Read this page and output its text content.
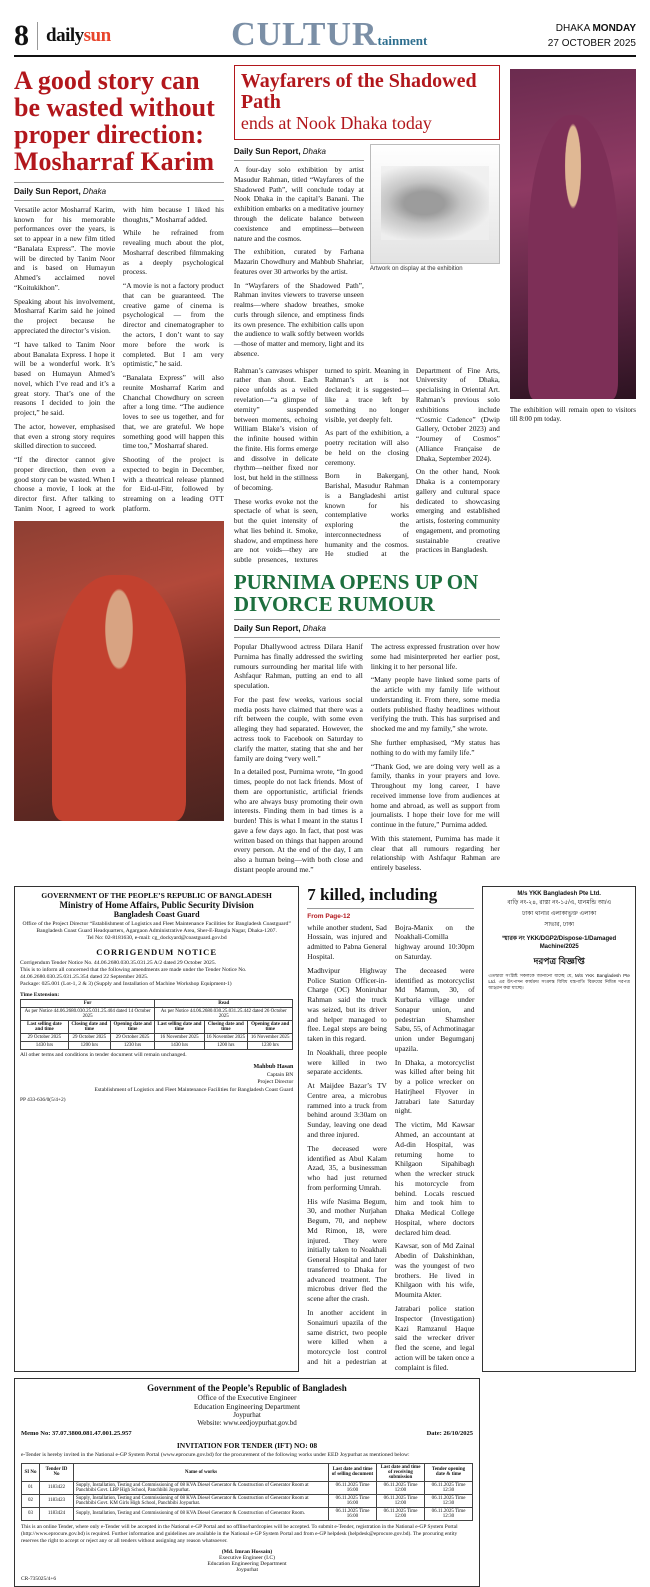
8 dailysun	CULTURtainment
DHAKA MONDAY
27 OCTOBER 2025
A good story can be wasted without proper direction: Mosharraf Karim
Daily Sun Report, Dhaka

Versatile actor Mosharraf Karim, known for his memorable performances over the years, is set to appear in a new film titled “Banalata Express”. The movie will be directed by Tanim Noor and is based on Humayun Ahmed’s acclaimed novel “Koitukikhon”.

Speaking about his involvement, Mosharraf Karim said he joined the project because he appreciated the director’s vision.

“I have talked to Tanim Noor about Banalata Express. I hope it will be a wonderful work. It’s based on Humayun Ahmed’s novel, which I’ve read and it’s a great story. That’s one of the reasons I decided to join the project,” he said.

The actor, however, emphasised that even a strong story requires skilled direction to succeed.

“If the director cannot give proper direction, then even a good story can be wasted. When I choose a movie, I look at the director first. After talking to Tanim Noor, I agreed to work with him because I liked his thoughts,” Mosharraf added.

While he refrained from revealing much about the plot, Mosharraf described filmmaking as a deeply psychological process.

“A movie is not a factory product that can be guaranteed. The creative game of cinema is psychological — from the director and cinematographer to the actors, I don’t want to say more before the work is completed. But I am very optimistic,” he said.

“Banalata Express” will also reunite Mosharraf Karim and Chanchal Chowdhury on screen after a long time. “The audience loves to see us together, and for that, we are grateful. We hope something good will happen this time too,” Mosharraf shared.

Shooting of the project is expected to begin in December, with a theatrical release planned for Eid-ul-Fitr, followed by streaming on a leading OTT platform.

Wayfarers of the Shadowed Path
ends at Nook Dhaka today
Daily Sun Report, Dhaka

A four-day solo exhibition by artist Masudur Rahman, titled “Wayfarers of the Shadowed Path”, will conclude today at Nook Dhaka in the capital’s Banani. The exhibition embarks on a meditative journey through the delicate balance between coexistence and emptiness—between nature and the cosmos.

The exhibition, curated by Farhana Mazarin Chowdhury and Mahbub Shahriar, features over 30 artworks by the artist.

In “Wayfarers of the Shadowed Path”, Rahman invites viewers to traverse unseen realms—where shadow breathes, smoke curls through silence, and emptiness finds its own presence. The exhibition calls upon the audience to walk softly between worlds—those of matter and memory, light and its absence.

Artwork on display at the exhibition

Rahman’s canvases whisper rather than shout. Each piece unfolds as a veiled revelation—“a glimpse of eternity” suspended between moments, echoing William Blake’s vision of the infinite housed within the finite. His forms emerge and dissolve in delicate rhythm—neither fixed nor lost, but held in the stillness of becoming.

These works evoke not the spectacle of what is seen, but the quiet intensity of what lies behind it. Smoke, shadow, and emptiness here are not voids—they are subtle presences, textures turned to spirit. Meaning in Rahman’s art is not declared; it is suggested—like a trace left by something no longer visible, yet deeply felt.

As part of the exhibition, a poetry recitation will also be held on the closing ceremony.

Born in Bakerganj, Barishal, Masudur Rahman is a Bangladeshi artist known for his contemplative works exploring the interconnectedness of humanity and the cosmos. He studied at the Department of Fine Arts, University of Dhaka, specialising in Oriental Art. Rahman’s previous solo exhibitions include “Cosmic Cadence” (Dwip Gallery, October 2023) and “Journey of Cosmos” (Alliance Française de Dhaka, September 2024).

On the other hand, Nook Dhaka is a contemporary gallery and cultural space dedicated to showcasing emerging and established artists, fostering community engagement, and promoting sustainable creative practices in Bangladesh.

PURNIMA OPENS UP ON DIVORCE RUMOUR
Daily Sun Report, Dhaka

Popular Dhallywood actress Dilara Hanif Purnima has finally addressed the swirling rumours surrounding her marital life with Ashfaqur Rahman, putting an end to all speculation.

For the past few weeks, various social media posts have claimed that there was a rift between the couple, with some even alleging they had separated. However, the actress took to Facebook on Saturday to clarify the matter, stating that she and her family are doing “very well.”

In a detailed post, Purnima wrote, “In good times, people do not lack friends. Most of them are opportunistic, artificial friends who are always busy promoting their own interests. Finding them in bad times is a burden! This is what I meant in the status I gave a few days ago. In fact, that post was written based on things that happen around every person. At the end of the day, I am also a human being—with both close and distant people around me.”

The actress expressed frustration over how some had misinterpreted her earlier post, linking it to her personal life.

“Many people have linked some parts of the article with my family life without understanding it. From there, some media outlets published flashy headlines without verifying the truth. This has surprised and shocked me and my family,” she wrote.

She further emphasised, “My status has nothing to do with my family life.”

“Thank God, we are doing very well as a family, thanks in your prayers and love. Throughout my long career, I have received immense love from audiences at home and abroad, as well as support from journalists. I hope their love for me will continue in the future,” Purnima added.

With this statement, Purnima has made it clear that all rumours regarding her relationship with Ashfaqur Rahman are entirely baseless.

The exhibition will remain open to visitors till 8:00 pm today.

GOVERNMENT OF THE PEOPLE’S REPUBLIC OF BANGLADESH
Ministry of Home Affairs, Public Security Division
Bangladesh Coast Guard
Office of the Project Director “Establishment of Logistics and Fleet Maintenance Facilities for Bangladesh Coastguard” Bangladesh Coast Guard Headquarters, Agargaon Administrative Area, Sher-E-Bangla Nagar, Dhaka-1207.
Tel No: 02-8181630, e-mail: cg_dockyard@coastguard.gov.bd
CORRIGENDUM NOTICE
Corrigendum Tender Notice No. 44.06.2680.030.35.031.25 A/2 dated 29 October 2025.
This is to inform all concerned that the following amendments are made under the Tender Notice No. 44.06.2680.030.25.031.25.354 dated 22 September 2025.
Package: 025.001 (Lot-1, 2 & 3) (Supply and Installation of Machine Workshop Equipment-1)
Time Extension:
For			Read		
As per Notice 44.06.2680.030.25.031.25.404 dated 14 October 2025			As per Notice 44.06.2680.030.25.031.25.442 dated 26 October 2025		
Last selling date and time	Closing date and time	Opening date and time	Last selling date and time	Closing date and time	Opening date and time
29 October 2025	29 October 2025	29 October 2025	16 November 2025	16 November 2025	16 November 2025
1430 hrs	1200 hrs	1230 hrs	1430 hrs	1200 hrs	1230 hrs
All other terms and conditions in tender document will remain unchanged.
Mahbub Hasan
Captain BN
Project Director
Establishment of Logistics and Fleet Maintenance Facilities for Bangladesh Coast Guard
PP 433-636/0(5/4+2)
7 killed, including
From Page-12

while another student, Sad Hossain, was injured and admitted to Pabna General Hospital.

Madhvipur Highway Police Station Officer-in-Charge (OC) Moniruhar Rahman said the truck was seized, but its driver and helper managed to flee. Legal steps are being taken in this regard.

In Noakhali, three people were killed in two separate accidents.

At Maijdee Bazar’s TV Centre area, a microbus rammed into a truck from behind around 3:30am on Sunday, leaving one dead and three injured.

The deceased were identified as Abul Kalam Azad, 35, a businessman who had just returned from performing Umrah.

His wife Nasima Begum, 30, and mother Nurjahan Begum, 70, and nephew Md Rimon, 18, were injured. They were initially taken to Noakhali General Hospital and later transferred to Dhaka for advanced treatment. The microbus driver fled the scene after the crash.

In another accident in Sonaimuri upazila of the same district, two people were killed when a motorcycle lost control and hit a pedestrian at Bojra-Manix on the Noakhali-Comilla highway around 10:30pm on Saturday.

The deceased were identified as motorcyclist Md Mamun, 30, of Kurbaria village under Sonapur union, and pedestrian Shamsher Sabu, 55, of Achmotinagar union under Begumganj upazila.

In Dhaka, a motorcyclist was killed after being hit by a police wrecker on Hatirjheel Flyover in Jatrabari late Saturday night.

The victim, Md Kawsar Ahmed, an accountant at Ad-din Hospital, was returning home to Khilgaon Sipahibagh when the wrecker struck his motorcycle from behind. Locals rescued him and took him to Dhaka Medical College Hospital, where doctors declared him dead.

Kawsar, son of Md Zainal Abedin of Dakshinkhan, was the youngest of two brothers. He lived in Khilgaon with his wife, Moumita Akter.

Jatrabari police station Inspector (Investigation) Kazi Ramzanul Haque said the wrecker driver fled the scene, and legal action will be taken once a complaint is filed.

M/s YKK Bangladesh Pte Ltd.
বাড়ি নং-২৪, রাস্তা নং-১৫/এ, ধানমন্ডি আ/এ
ঢাকা থানার এলাকাভুক্ত এলাকা
সাভার, ঢাকা
স্মারক নং YKK/DGP2/Dispose-1/Damaged Machine/2025
দরপত্র বিজ্ঞপ্তি
এতদ্বারা সংশ্লিষ্ট সকলকে জানানো যাচ্ছে যে, M/S YKK Bangladesh Pte Ltd. এর উৎপাদন কার্যক্রম সংক্রান্ত বিবিধ যন্ত্রপাতি বিক্রয়ের নিমিত্ত দরপত্র আহ্বান করা যাচ্ছে।
Government of the People’s Republic of Bangladesh
Office of the Executive Engineer
Education Engineering Department
Joypurhat
Website: www.eedjoypurhat.gov.bd
Memo No: 37.07.3800.081.47.001.25.957	Date: 26/10/2025
INVITATION FOR TENDER (IFT) NO: 08
e-Tender is hereby invited in the National e-GP System Portal (www.eprocure.gov.bd) for the procurement of the following works under EED Joypurhat as mentioned below:
SI No	Tender ID No	Name of works	Last date and time of selling document	Last date and time of receiving submission	Tender opening date & time
01	1183422	Supply, Installation, Testing and Commissioning of 08 KVA Diesel Generator & Construction of Generator Room at Panchbibi Govt. LBP High School, Panchbibi Joypurhat.	06.11.2025 Time 16:00	06.11.2025 Time 12:00	06.11.2025 Time 12:30
02	1183423	Supply, Installation, Testing and Commissioning of 08 KVA Diesel Generator & Construction of Generator Room at Panchbibi Govt. KM Girls High School, Panchbibi Joypurhat.	06.11.2025 Time 16:00	06.11.2025 Time 12:00	06.11.2025 Time 12:30
03	1183424	Supply, Installation, Testing and Commissioning of 08 KVA Diesel Generator & Construction of Generator Room.	06.11.2025 Time 16:00	06.11.2025 Time 12:00	06.11.2025 Time 12:30
This is an online Tender, where only e-Tender will be accepted in the National e-GP Portal and no offline/hardcopies will be accepted. To submit e-Tender, registration in the National e-GP System Portal (http://www.eprocure.gov.bd) is required. Further information and guidelines are available in the National e-GP System Portal and from e-GP helpdesk (helpdesk@eprocure.gov.bd). The procuring entity reserves the right to accept or reject any or all tenders without assigning any reason whatsoever.
(Md. Imran Hossain)
Executive Engineer (I.C)
Education Engineering Department
Joypurhat
CR-735025/4+6
